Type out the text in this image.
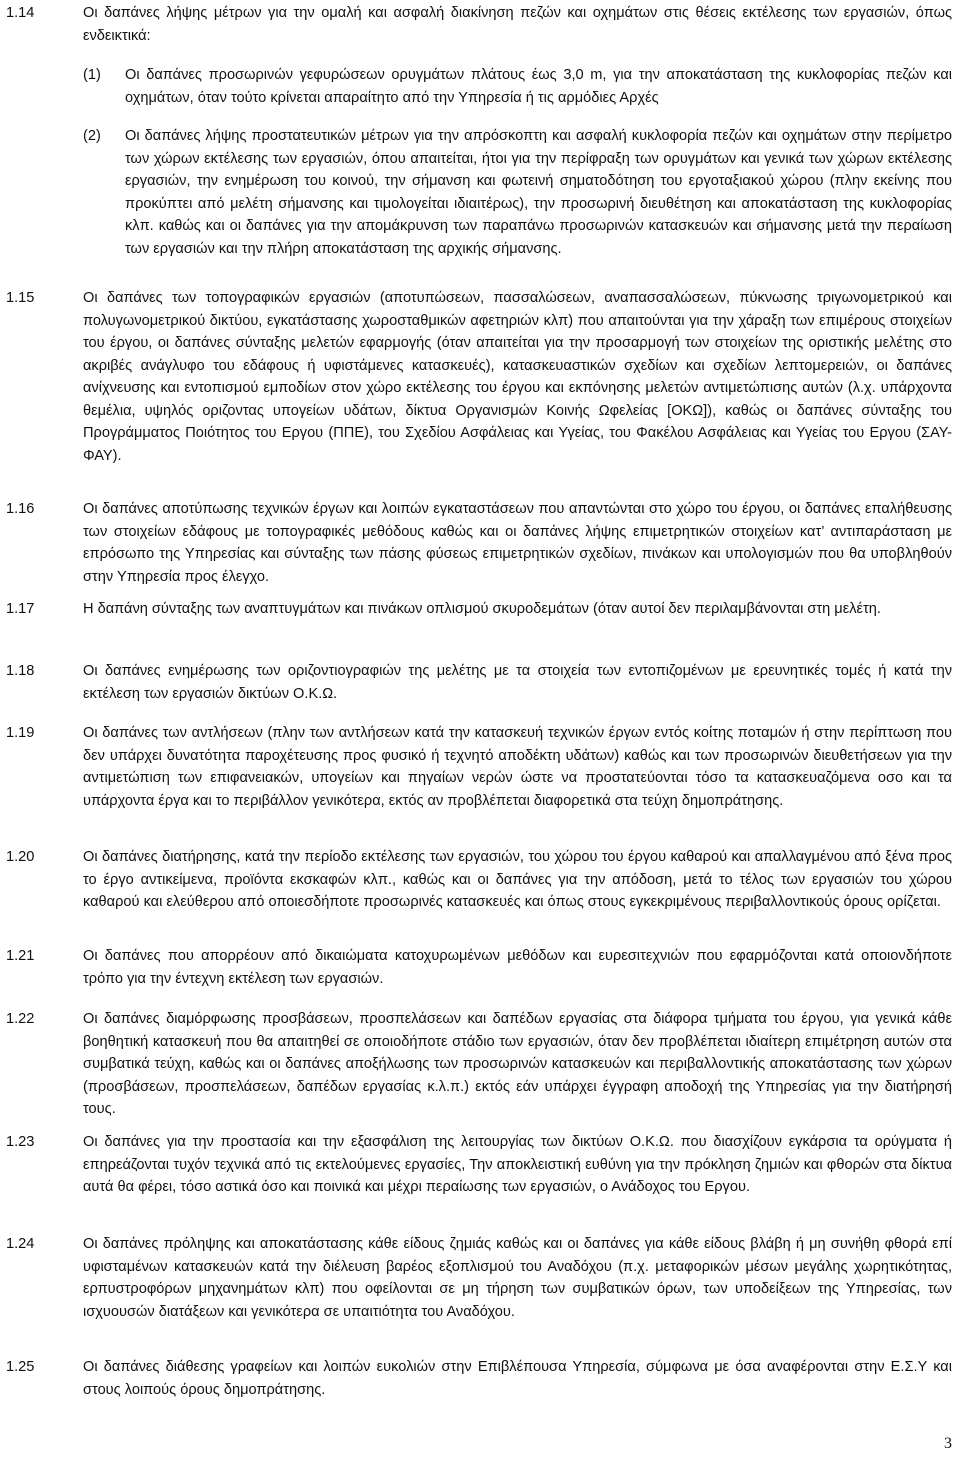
1.14	Οι δαπάνες λήψης μέτρων για την ομαλή και ασφαλή διακίνηση πεζών και οχημάτων στις θέσεις εκτέλεσης των εργασιών, όπως ενδεικτικά:
(1)	Οι δαπάνες προσωρινών γεφυρώσεων ορυγμάτων πλάτους έως 3,0 m, για την αποκατάσταση της κυκλοφορίας πεζών και οχημάτων, όταν τούτο κρίνεται απαραίτητο από την Υπηρεσία ή τις αρμόδιες Αρχές
(2)	Οι δαπάνες λήψης προστατευτικών μέτρων για την απρόσκοπτη και ασφαλή κυκλοφορία πεζών και οχημάτων στην περίμετρο των χώρων εκτέλεσης των εργασιών, όπου απαιτείται, ήτοι για την περίφραξη των ορυγμάτων και γενικά των χώρων εκτέλεσης εργασιών, την ενημέρωση του κοινού, την σήμανση και φωτεινή σηματοδότηση του εργοταξιακού χώρου (πλην εκείνης που προκύπτει από μελέτη σήμανσης και τιμολογείται ιδιαιτέρως), την προσωρινή διευθέτηση και αποκατάσταση της κυκλοφορίας κλπ. καθώς και οι δαπάνες για την απομάκρυνση των παραπάνω προσωρινών κατασκευών και σήμανσης μετά την περαίωση των εργασιών και την πλήρη αποκατάσταση της αρχικής σήμανσης.
1.15	Οι δαπάνες των τοπογραφικών εργασιών (αποτυπώσεων, πασσαλώσεων, αναπασσαλώσεων, πύκνωσης τριγωνομετρικού και πολυγωνομετρικού δικτύου, εγκατάστασης χωροσταθμικών αφετηριών κλπ) που απαιτούνται για την χάραξη των επιμέρους στοιχείων του έργου, οι δαπάνες σύνταξης μελετών εφαρμογής (όταν απαιτείται για την προσαρμογή των στοιχείων της οριστικής μελέτης στο ακριβές ανάγλυφο του εδάφους ή υφιστάμενες κατασκευές), κατασκευαστικών σχεδίων και σχεδίων λεπτομερειών, οι δαπάνες ανίχνευσης και εντοπισμού εμποδίων στον χώρο εκτέλεσης του έργου και εκπόνησης μελετών αντιμετώπισης αυτών (λ.χ. υπάρχοντα θεμέλια, υψηλός οριζοντας υπογείων υδάτων, δίκτυα Οργανισμών Κοινής Ωφελείας [ΟΚΩ]), καθώς οι δαπάνες σύνταξης του Προγράμματος Ποιότητος του Εργου (ΠΠΕ), του Σχεδίου Ασφάλειας και Υγείας, του Φακέλου Ασφάλειας και Υγείας του Εργου (ΣΑΥ-ΦΑΥ).
1.16	Οι δαπάνες αποτύπωσης τεχνικών έργων και λοιπών εγκαταστάσεων που απαντώνται στο χώρο του έργου, οι δαπάνες επαλήθευσης των στοιχείων εδάφους με τοπογραφικές μεθόδους καθώς και οι δαπάνες λήψης επιμετρητικών στοιχείων κατ’ αντιπαράσταση με επρόσωπο της Υπηρεσίας και σύνταξης των πάσης φύσεως επιμετρητικών σχεδίων, πινάκων και υπολογισμών που θα υποβληθούν στην Υπηρεσία προς έλεγχο.
1.17	Η δαπάνη σύνταξης των αναπτυγμάτων και πινάκων οπλισμού σκυροδεμάτων (όταν αυτοί δεν περιλαμβάνονται στη μελέτη.
1.18	Οι δαπάνες ενημέρωσης των οριζοντιογραφιών της μελέτης με τα στοιχεία των εντοπιζομένων με ερευνητικές τομές ή κατά την εκτέλεση των εργασιών δικτύων Ο.Κ.Ω.
1.19	Οι δαπάνες των αντλήσεων (πλην των αντλήσεων κατά την κατασκευή τεχνικών έργων εντός κοίτης ποταμών ή στην περίπτωση που δεν υπάρχει δυνατότητα παροχέτευσης προς φυσικό ή τεχνητό αποδέκτη υδάτων) καθώς και των προσωρινών διευθετήσεων για την αντιμετώπιση των επιφανειακών, υπογείων και πηγαίων νερών ώστε να προστατεύονται τόσο τα κατασκευαζόμενα οσο και τα υπάρχοντα έργα και το περιβάλλον γενικότερα, εκτός αν προβλέπεται διαφορετικά στα τεύχη δημοπράτησης.
1.20	Οι δαπάνες διατήρησης, κατά την περίοδο εκτέλεσης των εργασιών, του χώρου του έργου καθαρού και απαλλαγμένου από ξένα προς το έργο αντικείμενα, προϊόντα εκσκαφών κλπ., καθώς και οι δαπάνες για την απόδοση, μετά το τέλος των εργασιών του χώρου καθαρού και ελεύθερου από οποιεσδήποτε προσωρινές κατασκευές και όπως στους εγκεκριμένους περιβαλλοντικούς όρους ορίζεται.
1.21	Οι δαπάνες που απορρέουν από δικαιώματα κατοχυρωμένων μεθόδων και ευρεσιτεχνιών που εφαρμόζονται κατά οποιονδήποτε τρόπο για την έντεχνη εκτέλεση των εργασιών.
1.22	Οι δαπάνες διαμόρφωσης προσβάσεων, προσπελάσεων και δαπέδων εργασίας στα διάφορα τμήματα του έργου, για γενικά κάθε βοηθητική κατασκευή που θα απαιτηθεί σε οποιοδήποτε στάδιο των εργασιών, όταν δεν προβλέπεται ιδιαίτερη επιμέτρηση αυτών στα συμβατικά τεύχη, καθώς και οι δαπάνες αποξήλωσης των προσωρινών κατασκευών και περιβαλλοντικής αποκατάστασης των χώρων (προσβάσεων, προσπελάσεων, δαπέδων εργασίας κ.λ.π.) εκτός εάν υπάρχει έγγραφη αποδοχή της Υπηρεσίας για την διατήρησή τους.
1.23	Οι δαπάνες για την προστασία και την εξασφάλιση της λειτουργίας των δικτύων Ο.Κ.Ω. που διασχίζουν εγκάρσια τα ορύγματα ή επηρεάζονται τυχόν τεχνικά από τις εκτελούμενες εργασίες, Την αποκλειστική ευθύνη για την πρόκληση ζημιών και φθορών στα δίκτυα αυτά θα φέρει, τόσο αστικά όσο και ποινικά και μέχρι περαίωσης των εργασιών, ο Ανάδοχος του Εργου.
1.24	Οι δαπάνες πρόληψης και αποκατάστασης κάθε είδους ζημιάς καθώς και οι δαπάνες για κάθε είδους βλάβη ή μη συνήθη φθορά επί υφισταμένων κατασκευών κατά την διέλευση βαρέος εξοπλισμού του Αναδόχου (π.χ. μεταφορικών μέσων μεγάλης χωρητικότητας, ερπυστροφόρων μηχανημάτων κλπ) που οφείλονται σε μη τήρηση των συμβατικών όρων, των υποδείξεων της Υπηρεσίας, των ισχυουσών διατάξεων και γενικότερα σε υπαιτιότητα του Αναδόχου.
1.25	Οι δαπάνες διάθεσης γραφείων και λοιπών ευκολιών στην Επιβλέπουσα Υπηρεσία, σύμφωνα με όσα αναφέρονται στην Ε.Σ.Υ και στους λοιπούς όρους δημοπράτησης.
3
